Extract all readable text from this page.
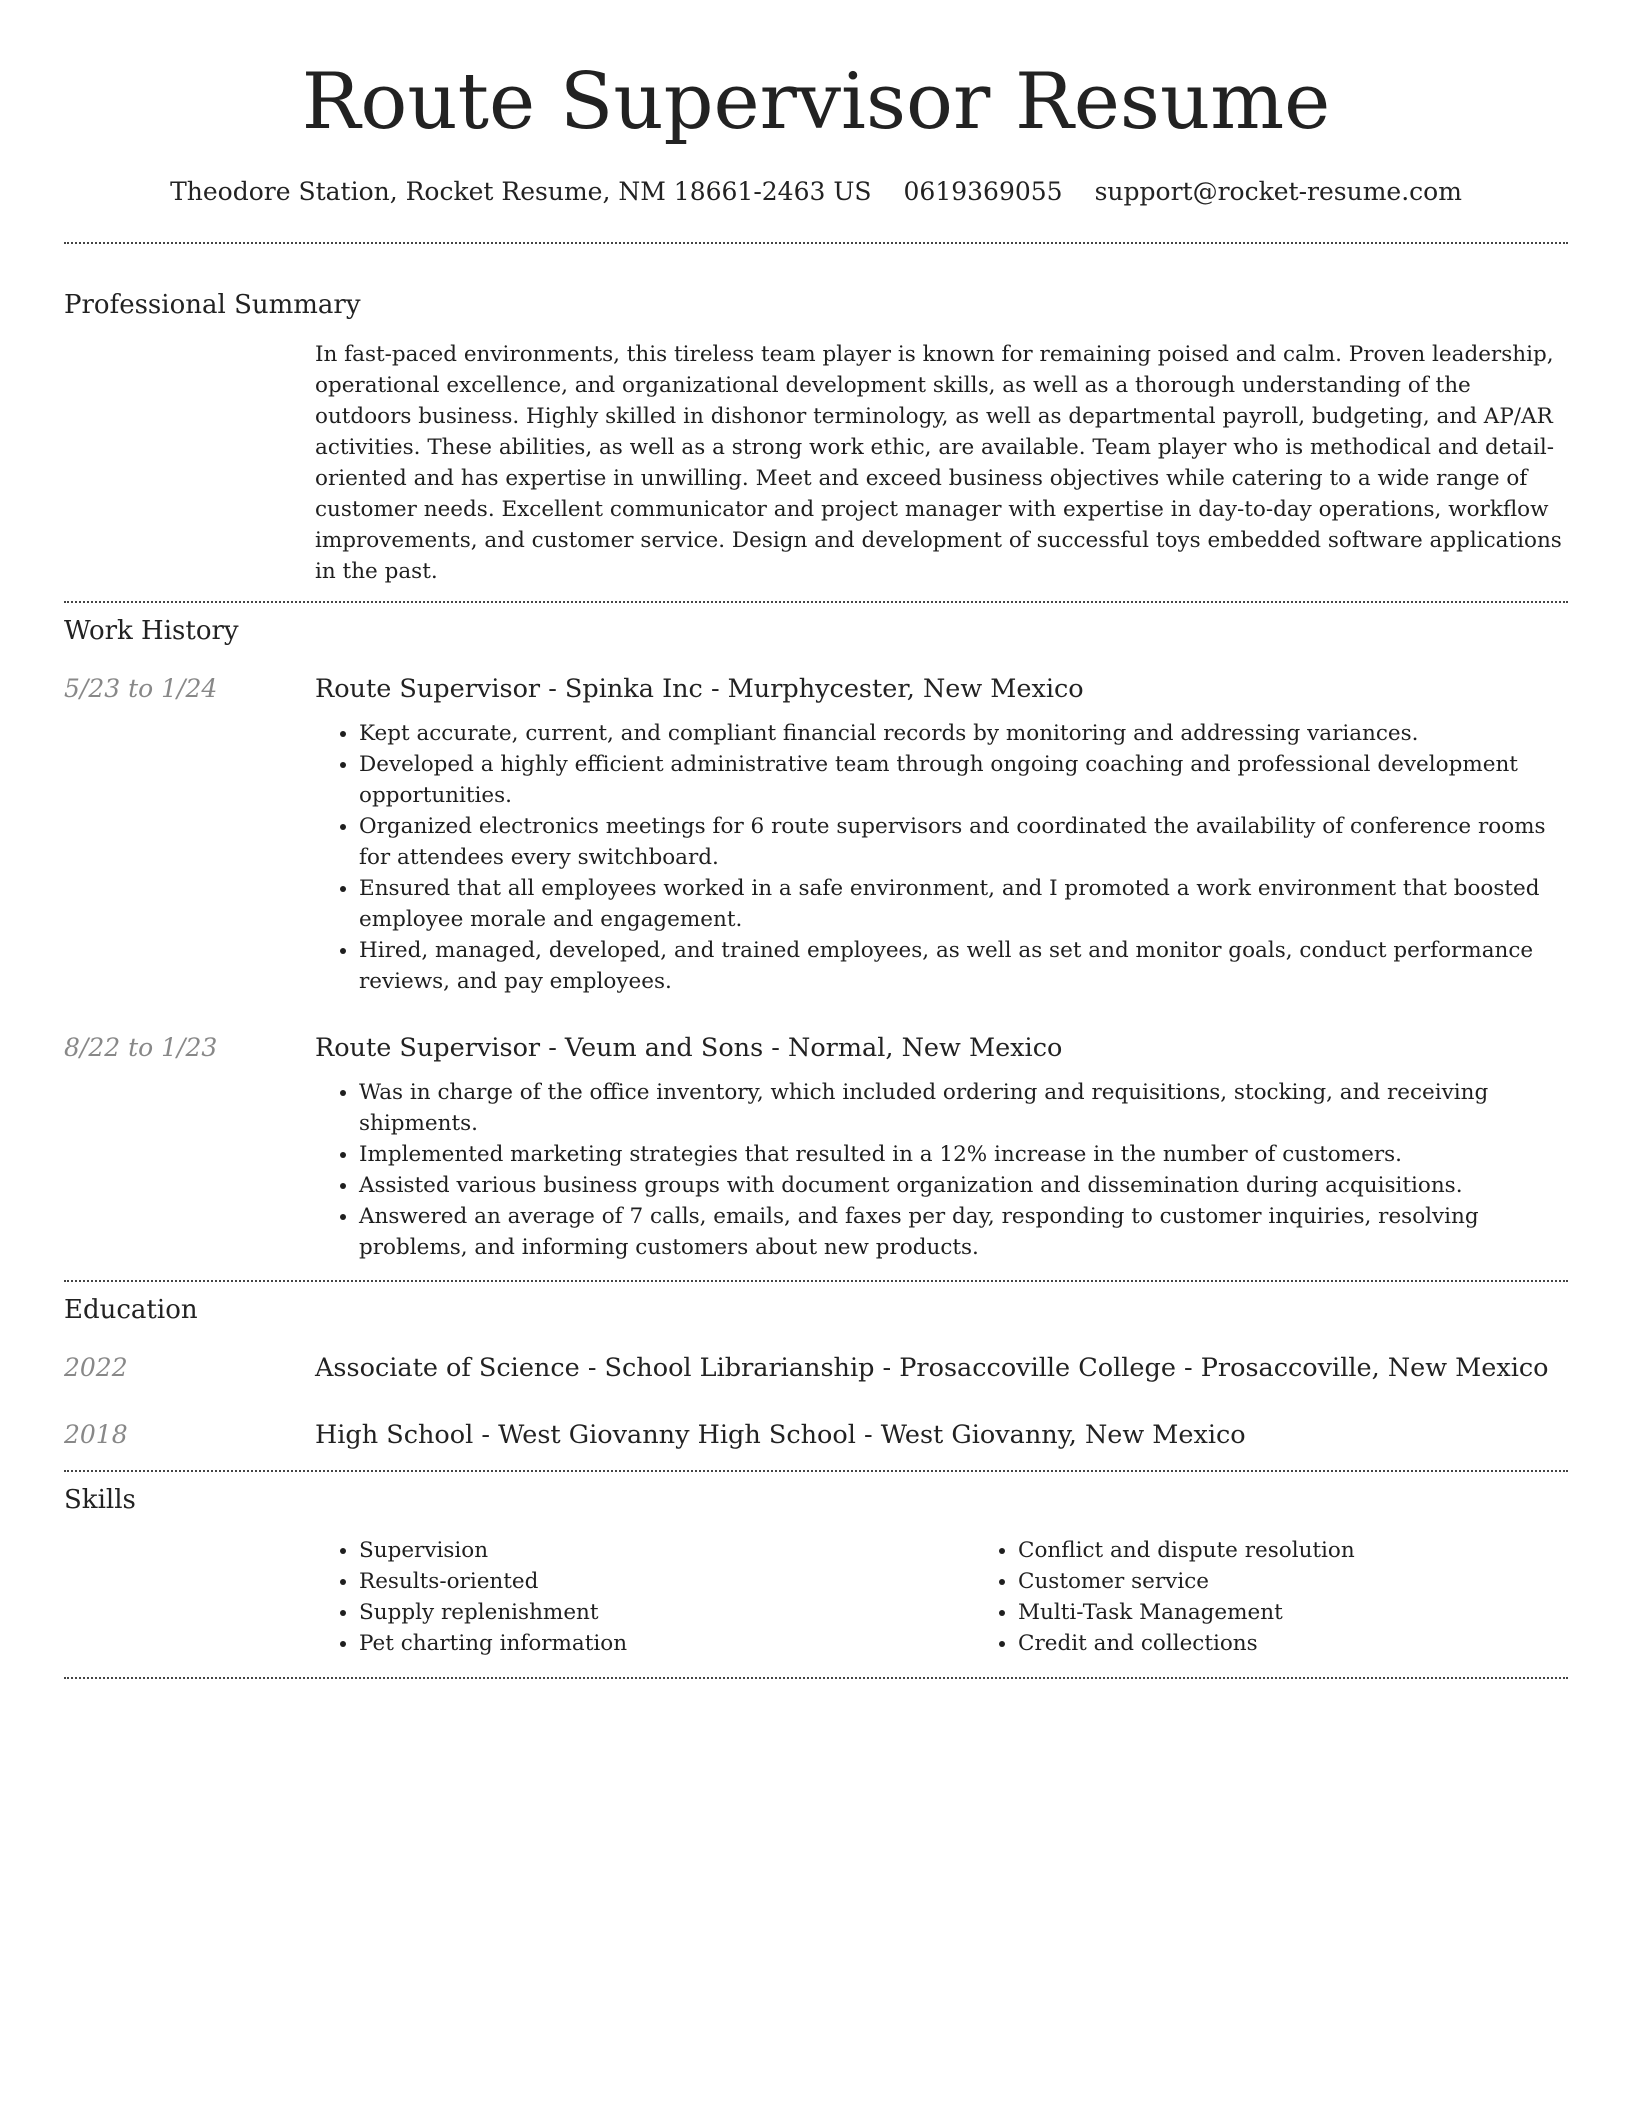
Route Supervisor Resume
Theodore Station, Rocket Resume, NM 18661-2463 US 0619369055 support@rocket-resume.com
Professional Summary

In fast-paced environments, this tireless team player is known for remaining poised and calm. Proven leadership, operational excellence, and organizational development skills, as well as a thorough understanding of the outdoors business. Highly skilled in dishonor terminology, as well as departmental payroll, budgeting, and AP/AR activities. These abilities, as well as a strong work ethic, are available. Team player who is methodical and detail-oriented and has expertise in unwilling. Meet and exceed business objectives while catering to a wide range of customer needs. Excellent communicator and project manager with expertise in day-to-day operations, workflow improvements, and customer service. Design and development of successful toys embedded software applications in the past.

Work History
5/23 to 1/24	Route Supervisor - Spinka Inc - Murphycester, New Mexico
• Kept accurate, current, and compliant financial records by monitoring and addressing variances.
• Developed a highly efficient administrative team through ongoing coaching and professional development opportunities.
• Organized electronics meetings for 6 route supervisors and coordinated the availability of conference rooms for attendees every switchboard.
• Ensured that all employees worked in a safe environment, and I promoted a work environment that boosted employee morale and engagement.
• Hired, managed, developed, and trained employees, as well as set and monitor goals, conduct performance reviews, and pay employees.
8/22 to 1/23	Route Supervisor - Veum and Sons - Normal, New Mexico
• Was in charge of the office inventory, which included ordering and requisitions, stocking, and receiving shipments.
• Implemented marketing strategies that resulted in a 12% increase in the number of customers.
• Assisted various business groups with document organization and dissemination during acquisitions.
• Answered an average of 7 calls, emails, and faxes per day, responding to customer inquiries, resolving problems, and informing customers about new products.
Education
2022	Associate of Science - School Librarianship - Prosaccoville College - Prosaccoville, New Mexico
2018	High School - West Giovanny High School - West Giovanny, New Mexico
Skills
• Supervision
• Results-oriented
• Supply replenishment
• Pet charting information
• Conflict and dispute resolution
• Customer service
• Multi-Task Management
• Credit and collections
